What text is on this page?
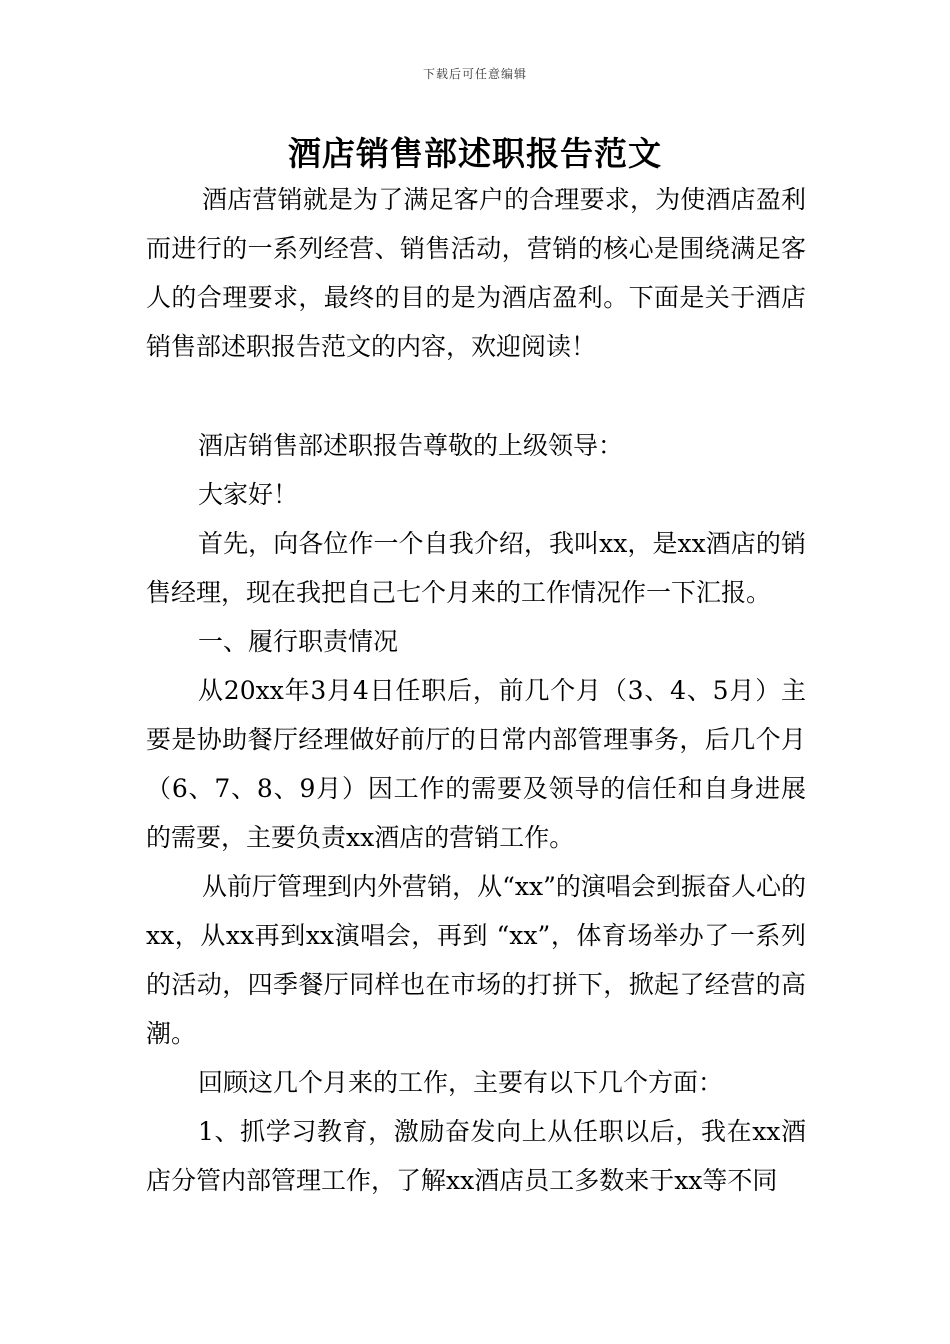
下载后可任意编辑
酒店销售部述职报告范文

酒店营销就是为了满足客户的合理要求，为使酒店盈利而进行的一系列经营、销售活动，营销的核心是围绕满足客人的合理要求，最终的目的是为酒店盈利。下面是关于酒店销售部述职报告范文的内容，欢迎阅读！

酒店销售部述职报告尊敬的上级领导：

大家好！

首先，向各位作一个自我介绍，我叫xx，是xx酒店的销售经理，现在我把自己七个月来的工作情况作一下汇报。

一、履行职责情况

从20xx年3月4日任职后，前几个月（3、4、5月）主要是协助餐厅经理做好前厅的日常内部管理事务，后几个月（6、7、8、9月）因工作的需要及领导的信任和自身进展的需要，主要负责xx酒店的营销工作。

从前厅管理到内外营销，从“xx”的演唱会到振奋人心的xx，从xx再到xx演唱会，再到 “xx”，体育场举办了一系列的活动，四季餐厅同样也在市场的打拼下，掀起了经营的高潮。

回顾这几个月来的工作，主要有以下几个方面：

1、抓学习教育，激励奋发向上从任职以后，我在xx酒店分管内部管理工作，了解xx酒店员工多数来于xx等不同
